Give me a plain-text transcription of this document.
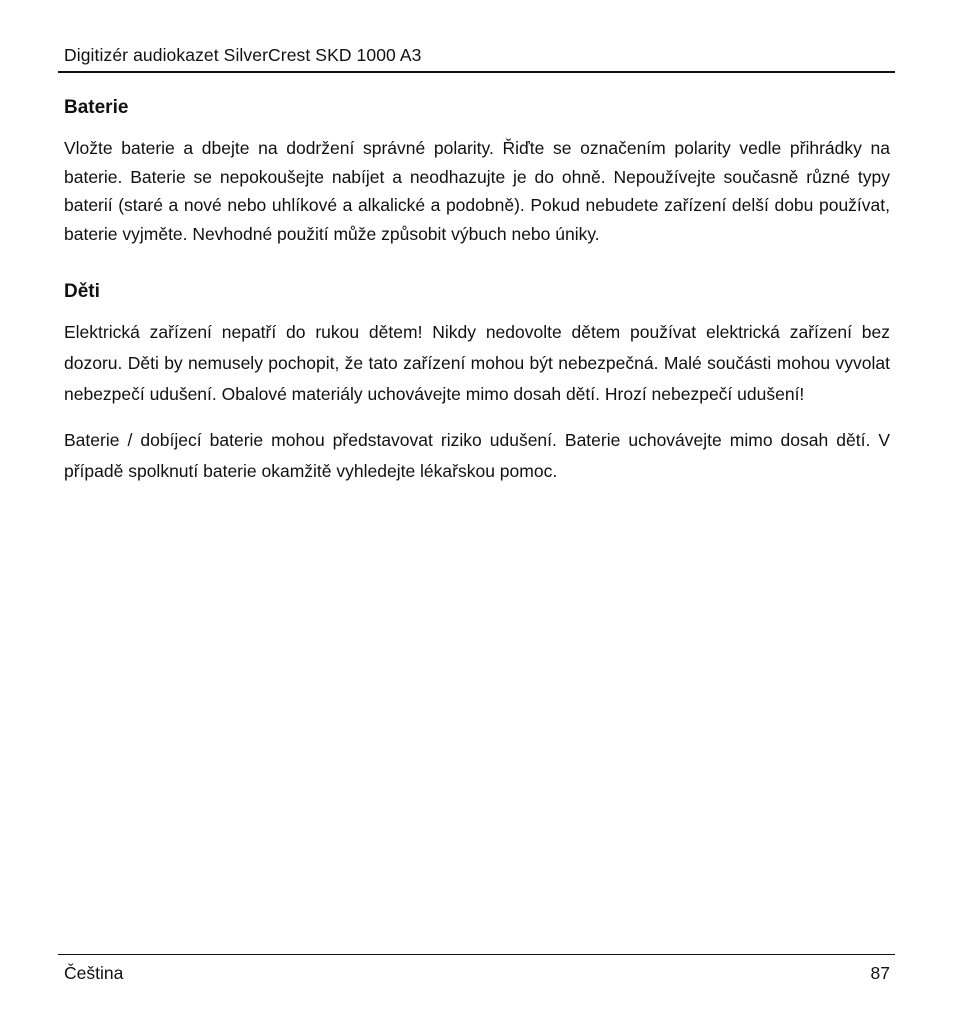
Digitizér audiokazet SilverCrest SKD 1000 A3
Baterie

Vložte baterie a dbejte na dodržení správné polarity. Řiďte se označením polarity vedle přihrádky na baterie. Baterie se nepokoušejte nabíjet a neodhazujte je do ohně. Nepoužívejte současně různé typy baterií (staré a nové nebo uhlíkové a alkalické a podobně). Pokud nebudete zařízení delší dobu používat, baterie vyjměte. Nevhodné použití může způsobit výbuch nebo úniky.

Děti

Elektrická zařízení nepatří do rukou dětem! Nikdy nedovolte dětem používat elektrická zařízení bez dozoru. Děti by nemusely pochopit, že tato zařízení mohou být nebezpečná. Malé součásti mohou vyvolat nebezpečí udušení. Obalové materiály uchovávejte mimo dosah dětí. Hrozí nebezpečí udušení!

Baterie / dobíjecí baterie mohou představovat riziko udušení. Baterie uchovávejte mimo dosah dětí. V případě spolknutí baterie okamžitě vyhledejte lékařskou pomoc.

Čeština	87
